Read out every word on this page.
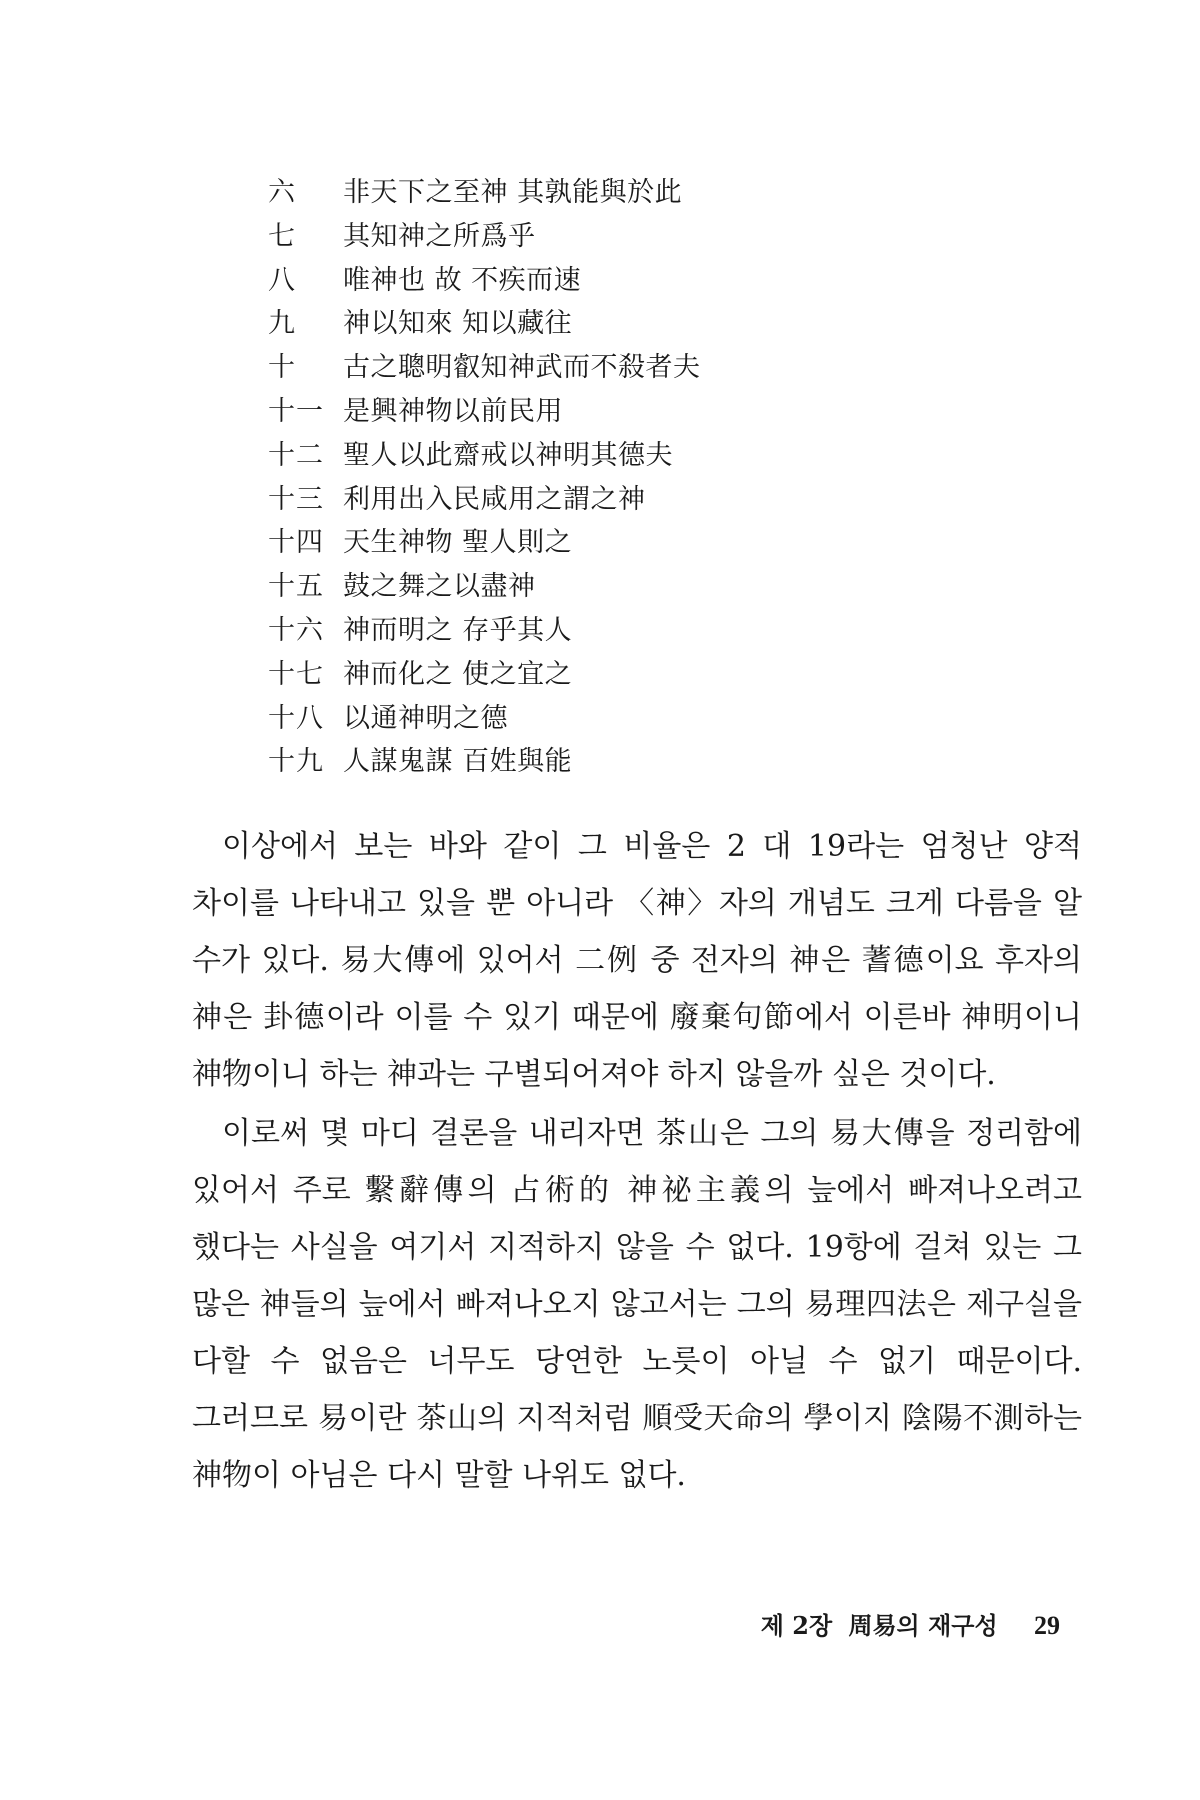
六	非天下之至神 其孰能與於此
七	其知神之所爲乎
八	唯神也 故 不疾而速
九	神以知來 知以藏往
十	古之聰明叡知神武而不殺者夫
十一 是興神物以前民用
十二 聖人以此齋戒以神明其德夫
十三 利用出入民咸用之謂之神
十四 天生神物 聖人則之
十五 鼓之舞之以盡神
十六 神而明之 存乎其人
十七 神而化之 使之宜之
十八 以通神明之德
十九 人謀鬼謀 百姓與能

이상에서 보는 바와 같이 그 비율은 2 대 19라는 엄청난 양적 차이를 나타내고 있을 뿐 아니라 〈神〉자의 개념도 크게 다름을 알 수가 있다. 易大傳에 있어서 二例 중 전자의 神은 蓍德이요 후자의 神은 卦德이라 이를 수 있기 때문에 廢棄句節에서 이른바 神明이니 神物이니 하는 神과는 구별되어져야 하지 않을까 싶은 것이다.

이로써 몇 마디 결론을 내리자면 茶山은 그의 易大傳을 정리함에 있어서 주로 繫辭傳의 占術的 神祕主義의 늪에서 빠져나오려고 했다는 사실을 여기서 지적하지 않을 수 없다. 19항에 걸쳐 있는 그 많은 神들의 늪에서 빠져나오지 않고서는 그의 易理四法은 제구실을 다할 수 없음은 너무도 당연한 노릇이 아닐 수 없기 때문이다. 그러므로 易이란 茶山의 지적처럼 順受天命의 學이지 陰陽不測하는 神物이 아님은 다시 말할 나위도 없다.

제 2장 周易의 재구성 29
